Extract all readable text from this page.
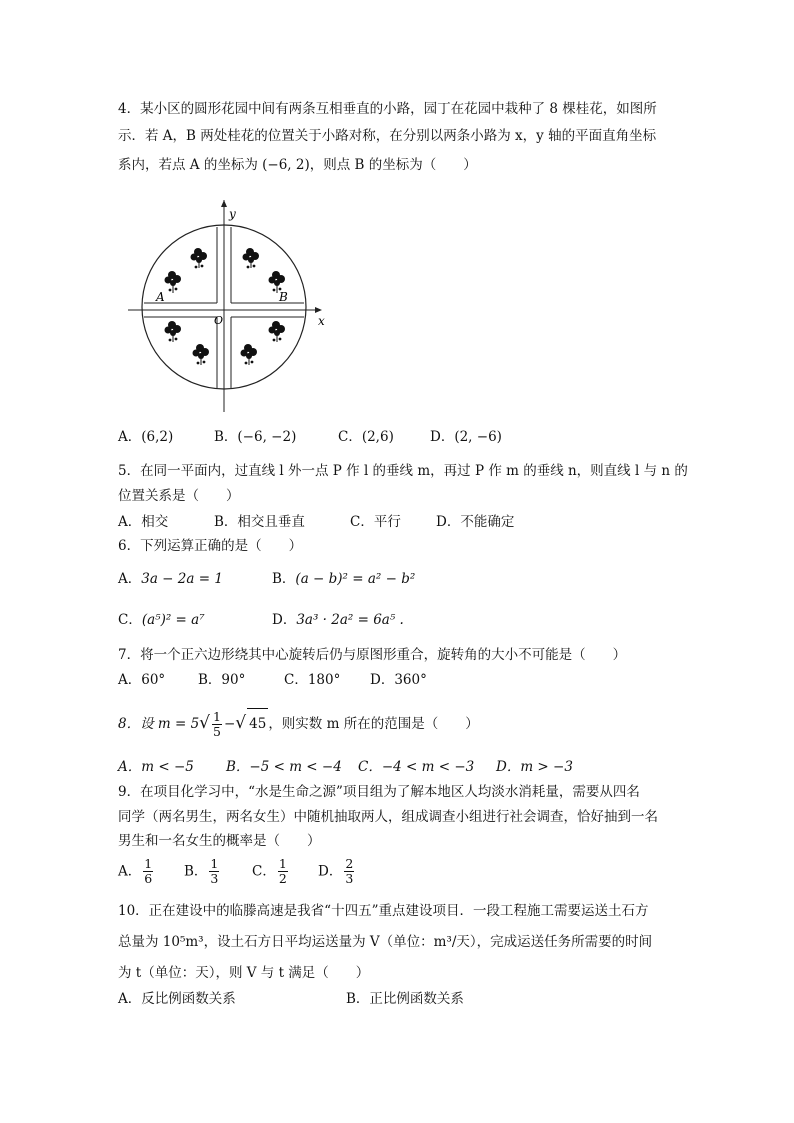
4．某小区的圆形花园中间有两条互相垂直的小路，园丁在花园中栽种了 8 棵桂花，如图所
示．若 A，B 两处桂花的位置关于小路对称，在分别以两条小路为 x，y 轴的平面直角坐标
系内，若点 A 的坐标为 (−6, 2)，则点 B 的坐标为（　　）
y
x
O
A	B
A．(6,2)	B．(−6, −2)	C．(2,6)	D．(2, −6)
5．在同一平面内，过直线 l 外一点 P 作 l 的垂线 m，再过 P 作 m 的垂线 n，则直线 l 与 n 的
位置关系是（　　）
A．相交	B．相交且垂直	C．平行	D．不能确定
6．下列运算正确的是（　　）
A．3a − 2a = 1	B．(a − b)² = a² − b²
C．(a⁵)² = a⁷	D．3a³ · 2a² = 6a⁵ .
7．将一个正六边形绕其中心旋转后仍与原图形重合，旋转角的大小不可能是（　　）
A．60° B．90°	C．180° D．360°
8．设 $m = 5√ \frac{1}{5}$ −√ 45 ，则实数 m 所在的范围是（　　）
A．m < −5 B．−5 < m < −4 C．−4 < m < −3 D．m > −3
9．在项目化学习中，“水是生命之源”项目组为了解本地区人均淡水消耗量，需要从四名
同学（两名男生，两名女生）中随机抽取两人，组成调查小组进行社会调查，恰好抽到一名
男生和一名女生的概率是（　　）
A． $\frac{1}{6}$ B． $\frac{1}{3}$ C． $\frac{1}{2}$ D． $\frac{2}{3}$
10．正在建设中的临滕高速是我省“十四五”重点建设项目．一段工程施工需要运送土石方
总量为 10⁵m³，设土石方日平均运送量为 V（单位：m³/天），完成运送任务所需要的时间
为 t（单位：天），则 V 与 t 满足（　　）
A．反比例函数关系	B．正比例函数关系
